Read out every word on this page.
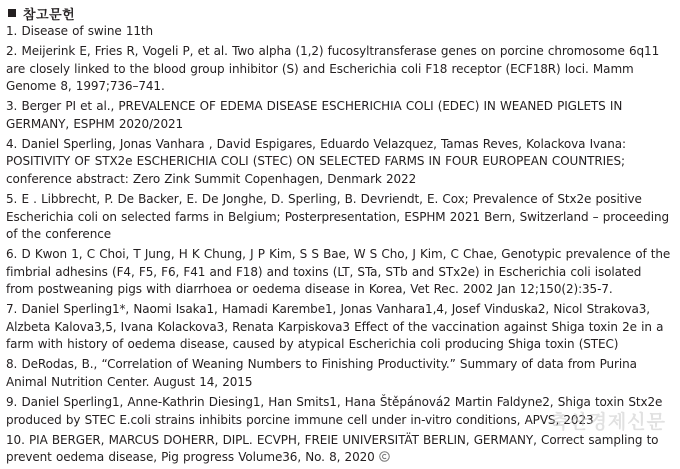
참고문헌
1. Disease of swine 11th
2. Meijerink E, Fries R, Vogeli P, et al. Two alpha (1,2) fucosyltransferase genes on porcine chromosome 6q11 are closely linked to the blood group inhibitor (S) and Escherichia coli F18 receptor (ECF18R) loci. Mamm Genome 8, 1997;736–741.
3. Berger PI et al., PREVALENCE OF EDEMA DISEASE ESCHERICHIA COLI (EDEC) IN WEANED PIGLETS IN GERMANY, ESPHM 2020/2021
4. Daniel Sperling, Jonas Vanhara , David Espigares, Eduardo Velazquez, Tamas Reves, Kolackova Ivana: POSITIVITY OF STX2e ESCHERICHIA COLI (STEC) ON SELECTED FARMS IN FOUR EUROPEAN COUNTRIES; conference abstract: Zero Zink Summit Copenhagen, Denmark 2022
5. E . Libbrecht, P. De Backer, E. De Jonghe, D. Sperling, B. Devriendt, E. Cox; Prevalence of Stx2e positive Escherichia coli on selected farms in Belgium; Posterpresentation, ESPHM 2021 Bern, Switzerland – proceeding of the conference
6. D Kwon 1, C Choi, T Jung, H K Chung, J P Kim, S S Bae, W S Cho, J Kim, C Chae, Genotypic prevalence of the fimbrial adhesins (F4, F5, F6, F41 and F18) and toxins (LT, STa, STb and STx2e) in Escherichia coli isolated from postweaning pigs with diarrhoea or oedema disease in Korea, Vet Rec. 2002 Jan 12;150(2):35-7.
7. Daniel Sperling1*, Naomi Isaka1, Hamadi Karembe1, Jonas Vanhara1,4, Josef Vinduska2, Nicol Strakova3, Alzbeta Kalova3,5, Ivana Kolackova3, Renata Karpiskova3 Effect of the vaccination against Shiga toxin 2e in a farm with history of oedema disease, caused by atypical Escherichia coli producing Shiga toxin (STEC)
8. DeRodas, B., “Correlation of Weaning Numbers to Finishing Productivity.” Summary of data from Purina Animal Nutrition Center. August 14, 2015
9. Daniel Sperling1, Anne-Kathrin Diesing1, Han Smits1, Hana Štěpánová2 Martin Faldyne2, Shiga toxin Stx2e produced by STEC E.coli strains inhibits porcine immune cell under in-vitro conditions, APVS, 2023
10. PIA BERGER, MARCUS DOHERR, DIPL. ECVPH, FREIE UNIVERSITÄT BERLIN, GERMANY, Correct sampling to prevent oedema disease, Pig progress Volume36, No. 8, 2020
축산경제신문
